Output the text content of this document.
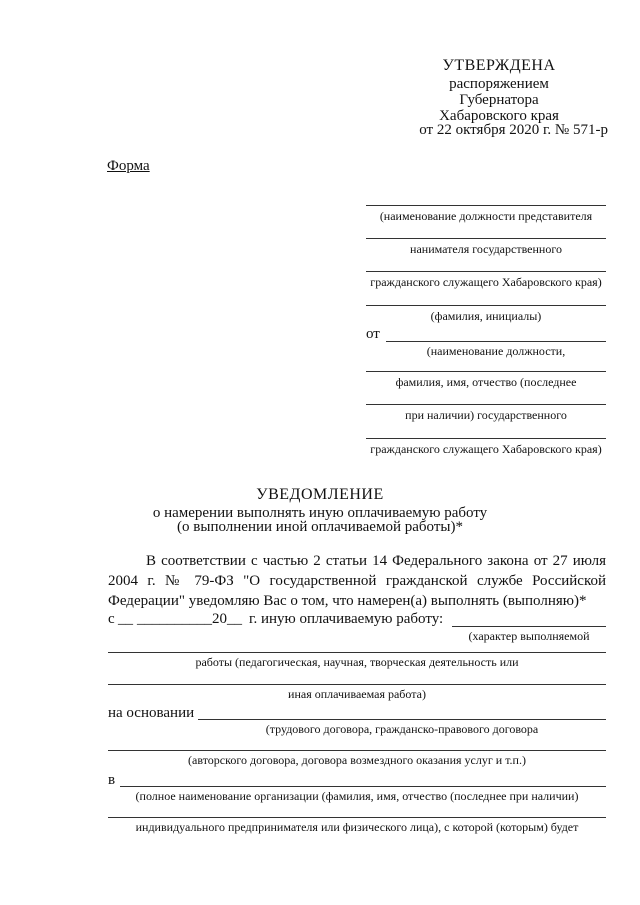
УТВЕРЖДЕНА
распоряжением
Губернатора
Хабаровского края
от 22 октября 2020 г. № 571-р
Форма
(наименование должности представителя
нанимателя государственного
гражданского служащего Хабаровского края)
(фамилия, инициалы)
от
(наименование должности,
фамилия, имя, отчество (последнее
при наличии) государственного
гражданского служащего Хабаровского края)
УВЕДОМЛЕНИЕ
о намерении выполнять иную оплачиваемую работу
(о выполнении иной оплачиваемой работы)*
В соответствии с частью 2 статьи 14 Федерального закона от 27 июля 2004 г. № 79-ФЗ "О государственной гражданской службе Российской Федерации" уведомляю Вас о том, что намерен(а) выполнять (выполняю)*
с __ __________ 20__ г. иную оплачиваемую работу:
(характер выполняемой
работы (педагогическая, научная, творческая деятельность или
иная оплачиваемая работа)
на основании
(трудового договора, гражданско-правового договора
(авторского договора, договора возмездного оказания услуг и т.п.)
в
(полное наименование организации (фамилия, имя, отчество (последнее при наличии)
индивидуального предпринимателя или физического лица), с которой (которым) будет
